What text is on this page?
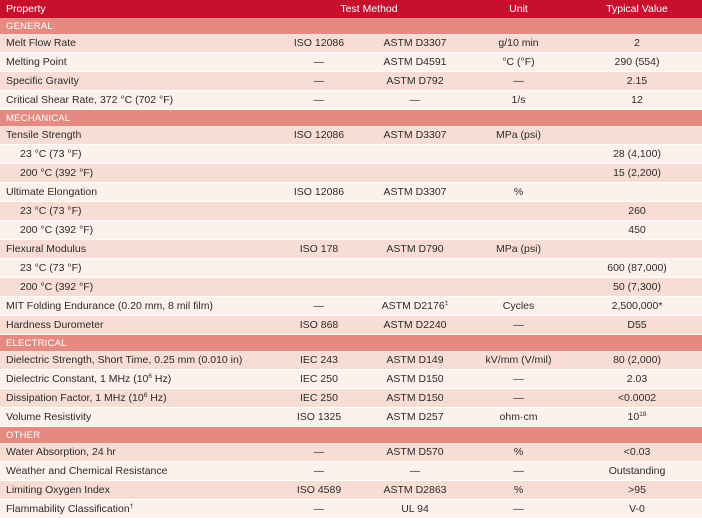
Property	Test Method		Unit	Typical Value
GENERAL				
Melt Flow Rate	ISO 12086	ASTM D3307	g/10 min	2
Melting Point	—	ASTM D4591	°C (°F)	290 (554)
Specific Gravity	—	ASTM D792	—	2.15
Critical Shear Rate, 372 °C (702 °F)	—	—	1/s	12
MECHANICAL				
Tensile Strength	ISO 12086	ASTM D3307	MPa (psi)	
23 °C (73 °F)				28 (4,100)
200 °C (392 °F)				15 (2,200)
Ultimate Elongation	ISO 12086	ASTM D3307	%	
23 °C (73 °F)				260
200 °C (392 °F)				450
Flexural Modulus	ISO 178	ASTM D790	MPa (psi)	
23 °C (73 °F)				600 (87,000)
200 °C (392 °F)				50 (7,300)
MIT Folding Endurance (0.20 mm, 8 mil film)	—	ASTM D2176‡	Cycles	2,500,000*
Hardness Durometer	ISO 868	ASTM D2240	—	D55
ELECTRICAL				
Dielectric Strength, Short Time, 0.25 mm (0.010 in)	IEC 243	ASTM D149	kV/mm (V/mil)	80 (2,000)
Dielectric Constant, 1 MHz ($10^6$ Hz)	IEC 250	ASTM D150	—	2.03
Dissipation Factor, 1 MHz ($10^6$ Hz)	IEC 250	ASTM D150	—	<0.0002
Volume Resistivity	ISO 1325	ASTM D257	ohm·cm	$10^{18}$
OTHER				
Water Absorption, 24 hr	—	ASTM D570	%	<0.03
Weather and Chemical Resistance	—	—	—	Outstanding
Limiting Oxygen Index	ISO 4589	ASTM D2863	%	>95
Flammability Classification†	—	UL 94	—	V-0
